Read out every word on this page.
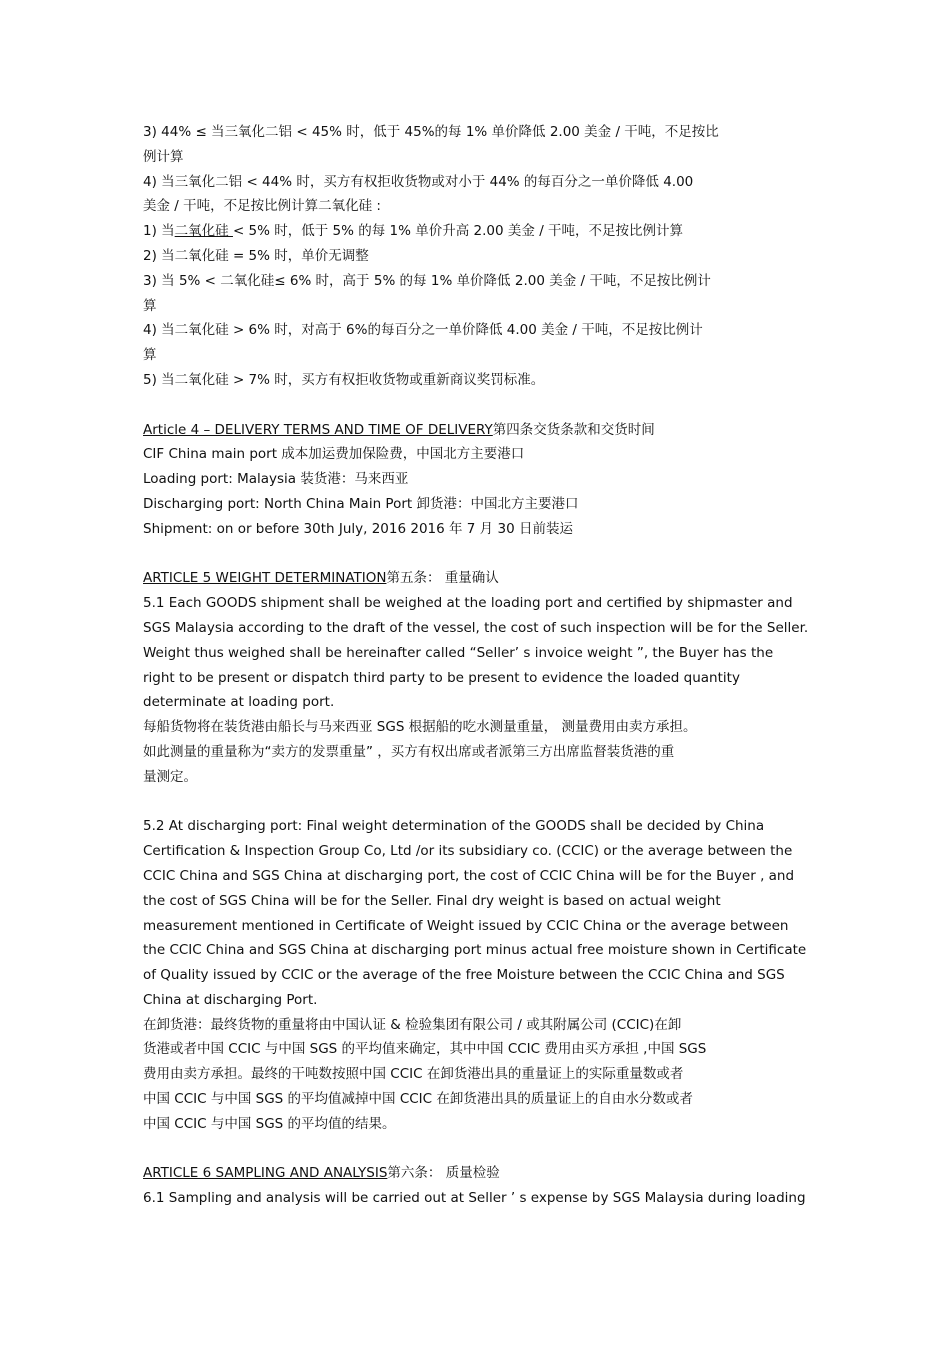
3) 44% ≤ 当三氧化二铝 < 45% 时，低于 45%的每 1% 单价降低 2.00 美金 / 干吨，不足按比
例计算
4) 当三氧化二铝 < 44% 时，买方有权拒收货物或对小于 44% 的每百分之一单价降低 4.00
美金 / 干吨，不足按比例计算二氧化硅 :
1) 当二氧化硅 < 5% 时，低于 5% 的每 1% 单价升高 2.00 美金 / 干吨，不足按比例计算
2) 当二氧化硅 = 5% 时，单价无调整
3) 当 5% < 二氧化硅≤ 6% 时，高于 5% 的每 1% 单价降低 2.00 美金 / 干吨，不足按比例计
算
4) 当二氧化硅 > 6% 时，对高于 6%的每百分之一单价降低 4.00 美金 / 干吨，不足按比例计
算
5) 当二氧化硅 > 7% 时，买方有权拒收货物或重新商议奖罚标准。
Article 4 – DELIVERY TERMS AND TIME OF DELIVERY第四条交货条款和交货时间
CIF China main port 成本加运费加保险费，中国北方主要港口
Loading port: Malaysia 装货港：马来西亚
Discharging port: North China Main Port 卸货港：中国北方主要港口
Shipment: on or before 30th July, 2016 2016 年 7 月 30 日前装运
ARTICLE 5 WEIGHT DETERMINATION第五条： 重量确认
5.1 Each GOODS shipment shall be weighed at the loading port and certified by shipmaster and
SGS Malaysia according to the draft of the vessel, the cost of such inspection will be for the Seller.
Weight thus weighed shall be hereinafter called “Seller’ s invoice weight ”, the Buyer has the
right to be present or dispatch third party to be present to evidence the loaded quantity
determinate at loading port.
每船货物将在装货港由船长与马来西亚 SGS 根据船的吃水测量重量， 测量费用由卖方承担。
如此测量的重量称为“卖方的发票重量” ，买方有权出席或者派第三方出席监督装货港的重
量测定。
5.2 At discharging port: Final weight determination of the GOODS shall be decided by China
Certification & Inspection Group Co, Ltd /or its subsidiary co. (CCIC) or the average between the
CCIC China and SGS China at discharging port, the cost of CCIC China will be for the Buyer , and
the cost of SGS China will be for the Seller. Final dry weight is based on actual weight
measurement mentioned in Certificate of Weight issued by CCIC China or the average between
the CCIC China and SGS China at discharging port minus actual free moisture shown in Certificate
of Quality issued by CCIC or the average of the free Moisture between the CCIC China and SGS
China at discharging Port.
在卸货港：最终货物的重量将由中国认证 & 检验集团有限公司 / 或其附属公司 (CCIC)在卸
货港或者中国 CCIC 与中国 SGS 的平均值来确定，其中中国 CCIC 费用由买方承担 ,中国 SGS
费用由卖方承担。最终的干吨数按照中国 CCIC 在卸货港出具的重量证上的实际重量数或者
中国 CCIC 与中国 SGS 的平均值减掉中国 CCIC 在卸货港出具的质量证上的自由水分数或者
中国 CCIC 与中国 SGS 的平均值的结果。
ARTICLE 6 SAMPLING AND ANALYSIS第六条： 质量检验
6.1 Sampling and analysis will be carried out at Seller ’ s expense by SGS Malaysia during loading
